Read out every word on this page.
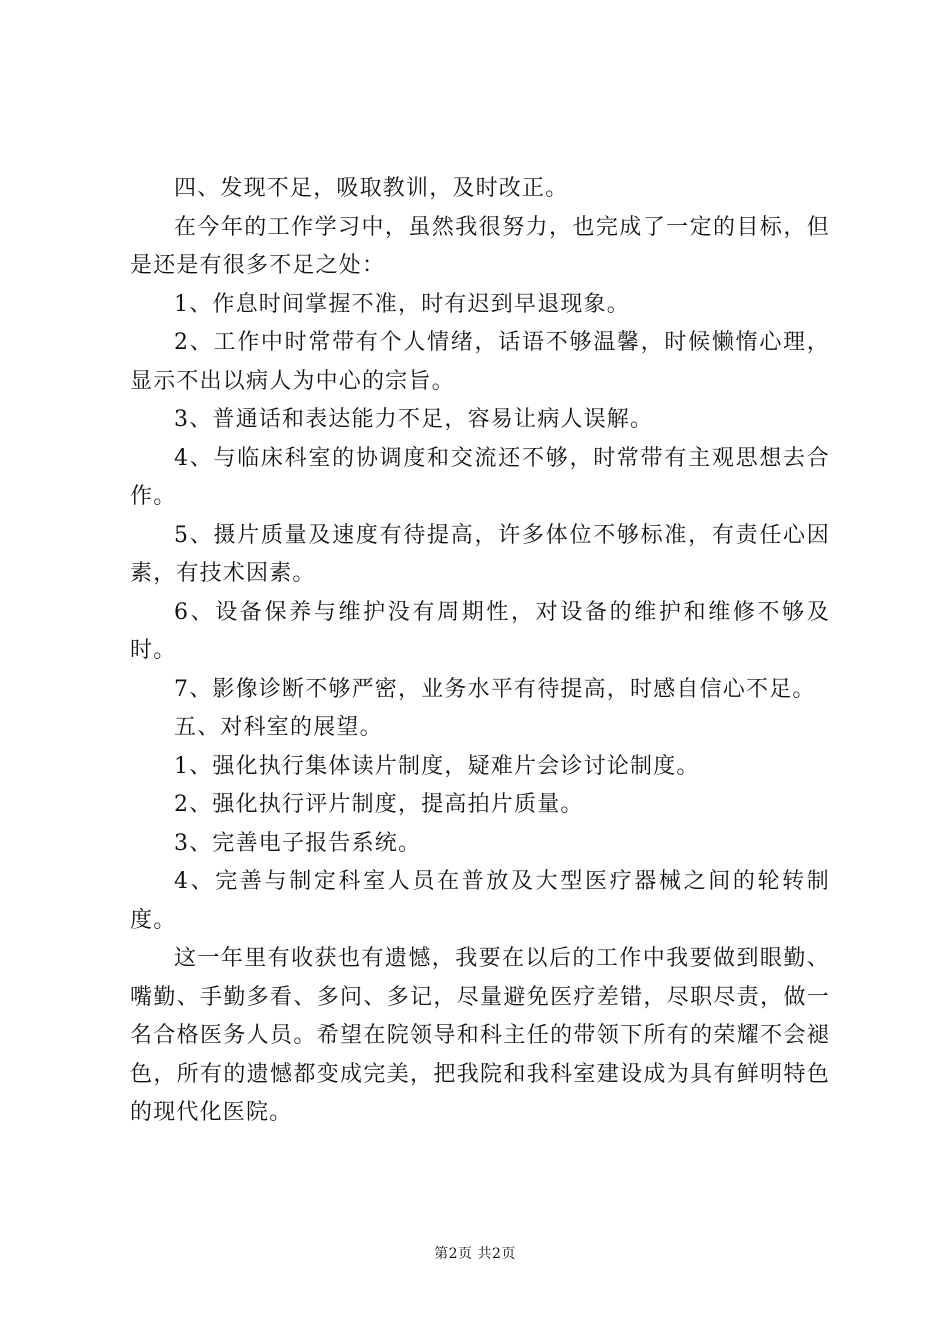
四、发现不足，吸取教训，及时改正。

在今年的工作学习中，虽然我很努力，也完成了一定的目标，但是还是有很多不足之处：

1、作息时间掌握不准，时有迟到早退现象。

2、工作中时常带有个人情绪，话语不够温馨，时候懒惰心理，显示不出以病人为中心的宗旨。

3、普通话和表达能力不足，容易让病人误解。

4、与临床科室的协调度和交流还不够，时常带有主观思想去合作。

5、摄片质量及速度有待提高，许多体位不够标准，有责任心因素，有技术因素。

6、设备保养与维护没有周期性，对设备的维护和维修不够及时。

7、影像诊断不够严密，业务水平有待提高，时感自信心不足。

五、对科室的展望。

1、强化执行集体读片制度，疑难片会诊讨论制度。

2、强化执行评片制度，提高拍片质量。

3、完善电子报告系统。

4、完善与制定科室人员在普放及大型医疗器械之间的轮转制度。

这一年里有收获也有遗憾，我要在以后的工作中我要做到眼勤、嘴勤、手勤多看、多问、多记，尽量避免医疗差错，尽职尽责，做一名合格医务人员。希望在院领导和科主任的带领下所有的荣耀不会褪色，所有的遗憾都变成完美，把我院和我科室建设成为具有鲜明特色的现代化医院。

第2页 共2页
